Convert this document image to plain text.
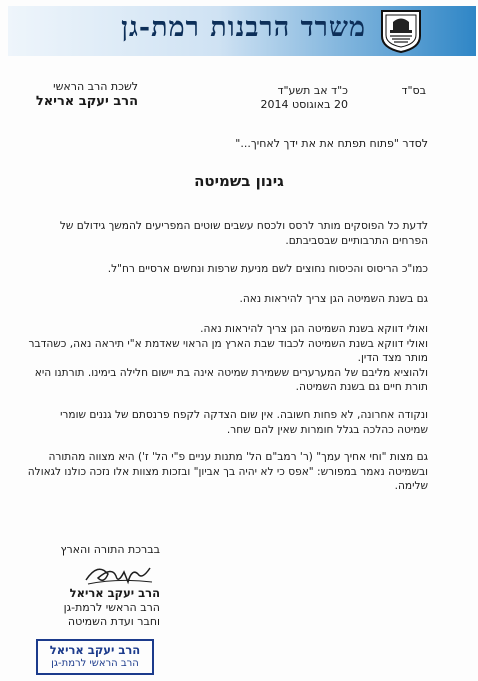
משרד הרבנות רמת-גן
בס"ד
כ"ד אב תשע"ד
20 באוגוסט 2014
לשכת הרב הראשי
הרב יעקב אריאל
לסדר "פתוח תפתח את את ידך לאחיך..."
גינון בשמיטה
לדעת כל הפוסקים מותר לרסס ולכסח עשבים שוטים המפריעים להמשך גידולם של הפרחים התרבותיים שבסביבתם.
כמו"כ הריסוס והכיסוח נחוצים לשם מניעת שרפות ונחשים ארסיים רח"ל.
גם בשנת השמיטה הגן צריך להיראות נאה.
ואולי דווקא בשנת השמיטה הגן צריך להיראות נאה.
ואולי דווקא בשנת השמיטה לכבוד שבת הארץ מן הראוי שאדמת א"י תיראה נאה, כשהדבר מותר מצד הדין.
ולהוציא מליבם של המערערים ששמירת שמיטה אינה בת יישום חלילה בימינו. תורתנו היא תורת חיים גם בשנת השמיטה.
ונקודה אחרונה, לא פחות חשובה. אין שום הצדקה לקפח פרנסתם של גננים שומרי שמיטה כהלכה בגלל חומרות שאין להם שחר.
גם מצות "וחי אחיך עמך" (ר' רמב"ם הל' מתנות עניים פ"י הל' ז') היא מצווה מהתורה ובשמיטה נאמר במפורש: "אפס כי לא יהיה בך אביון" ובזכות מצוות אלו נזכה כולנו לגאולה שלימה.
בברכת התורה והארץ
הרב יעקב אריאל
הרב הראשי לרמת-גן
וחבר ועדת השמיטה
הרב יעקב אריאל
הרב הראשי לרמת-גן
